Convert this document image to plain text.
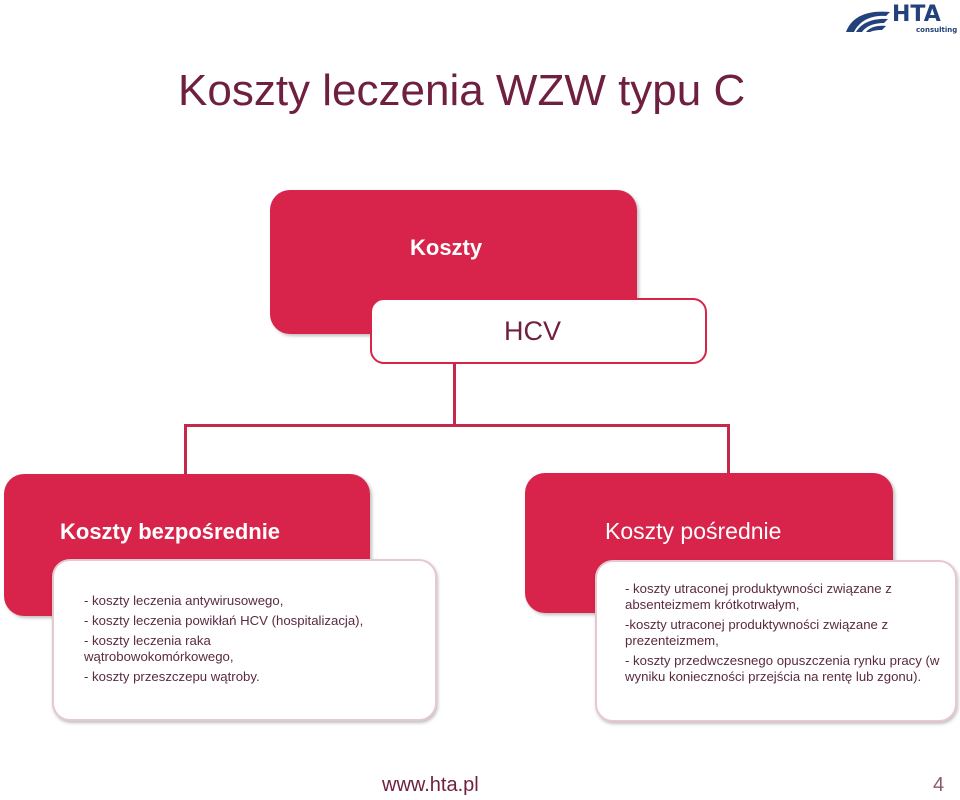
HTA
consulting
Koszty leczenia WZW typu C
Koszty
HCV
Koszty bezpośrednie
- koszty leczenia antywirusowego,
- koszty leczenia powikłań HCV (hospitalizacja),
- koszty leczenia raka wątrobowokomórkowego,
- koszty przeszczepu wątroby.
Koszty pośrednie
- koszty utraconej produktywności związane z absenteizmem krótkotrwałym,
-koszty utraconej produktywności związane z prezenteizmem,
- koszty przedwczesnego opuszczenia rynku pracy (w wyniku konieczności przejścia na rentę lub zgonu).
www.hta.pl	4
